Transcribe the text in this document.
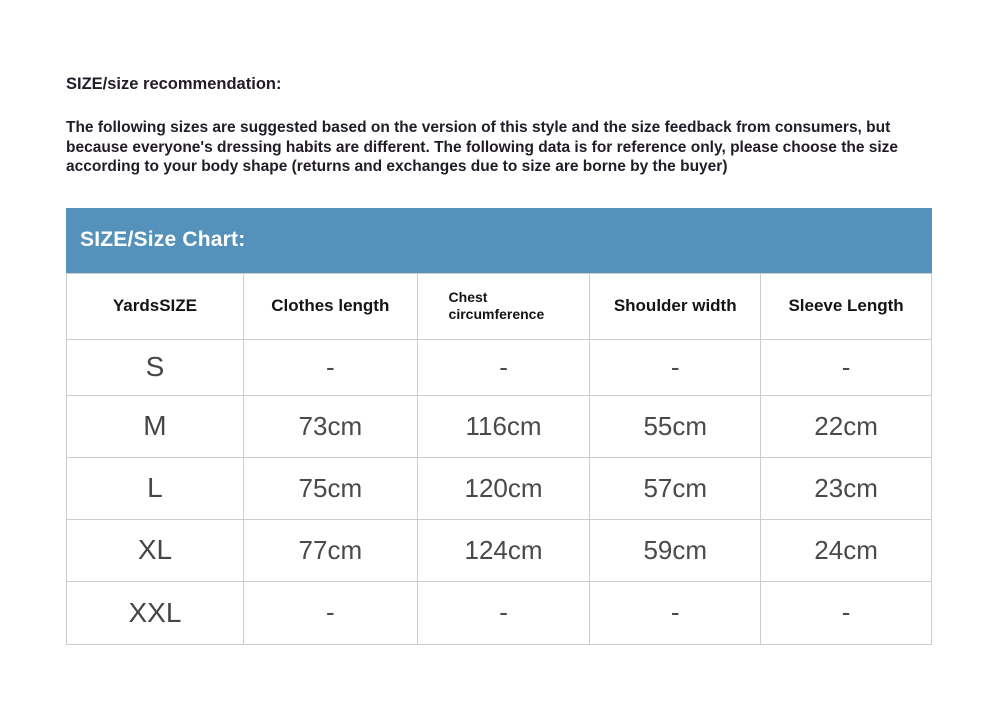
SIZE/size recommendation:

The following sizes are suggested based on the version of this style and the size feedback from consumers, but because everyone's dressing habits are different. The following data is for reference only, please choose the size according to your body shape (returns and exchanges due to size are borne by the buyer)

SIZE/Size Chart:
YardsSIZE	Clothes length	Chest circumference	Shoulder width	Sleeve Length
S	-	-	-	-
M	73cm	116cm	55cm	22cm
L	75cm	120cm	57cm	23cm
XL	77cm	124cm	59cm	24cm
XXL	-	-	-	-
